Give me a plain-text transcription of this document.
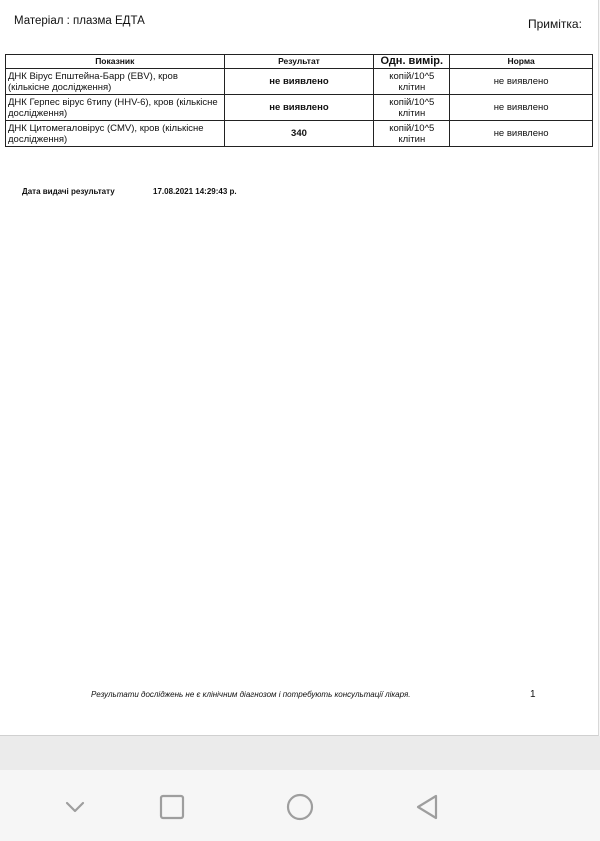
Матеріал : плазма ЕДТА	Примітка:
Показник	Результат	Одн. вимір.	Норма
ДНК Вірус Епштейна-Барр (EBV), кров (кількісне дослідження)	не виявлено	копій/10^5 клітин	не виявлено
ДНК Герпес вірус 6типу (HHV-6), кров (кількісне дослідження)	не виявлено	копій/10^5 клітин	не виявлено
ДНК Цитомегаловірус (CMV), кров (кількісне дослідження)	340	копій/10^5 клітин	не виявлено
Дата видачі результату	17.08.2021 14:29:43 р.
Результати досліджень не є клінічним діагнозом і потребують консультації лікаря.	1
